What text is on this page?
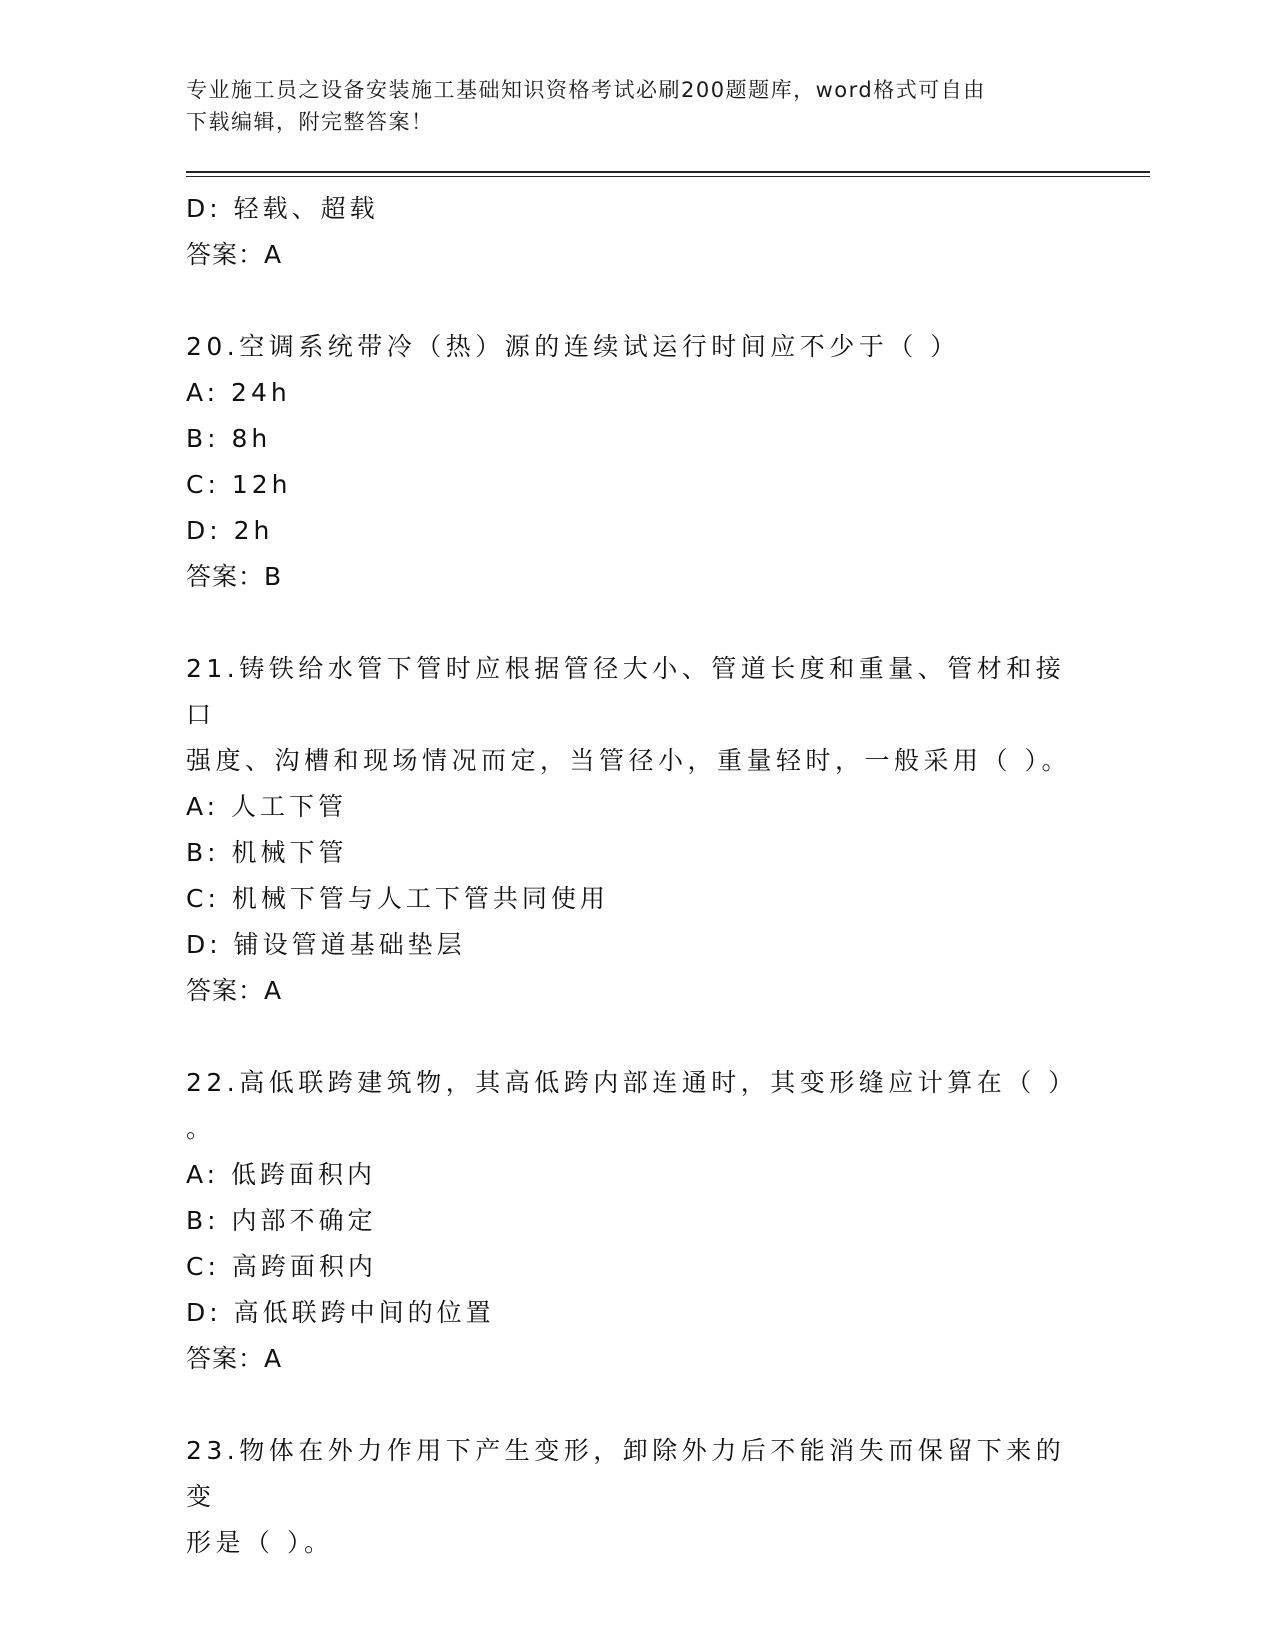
专业施工员之设备安装施工基础知识资格考试必刷200题题库，word格式可自由
下载编辑，附完整答案！
D: 轻载、超载
答案：A
20.空调系统带冷（热）源的连续试运行时间应不少于（ ）
A: 24h
B: 8h
C: 12h
D: 2h
答案：B
21.铸铁给水管下管时应根据管径大小、管道长度和重量、管材和接口
强度、沟槽和现场情况而定，当管径小，重量轻时，一般采用（ ）。
A: 人工下管
B: 机械下管
C: 机械下管与人工下管共同使用
D: 铺设管道基础垫层
答案：A
22.高低联跨建筑物，其高低跨内部连通时，其变形缝应计算在（ ）
。
A: 低跨面积内
B: 内部不确定
C: 高跨面积内
D: 高低联跨中间的位置
答案：A
23.物体在外力作用下产生变形，卸除外力后不能消失而保留下来的变
形是（ ）。
